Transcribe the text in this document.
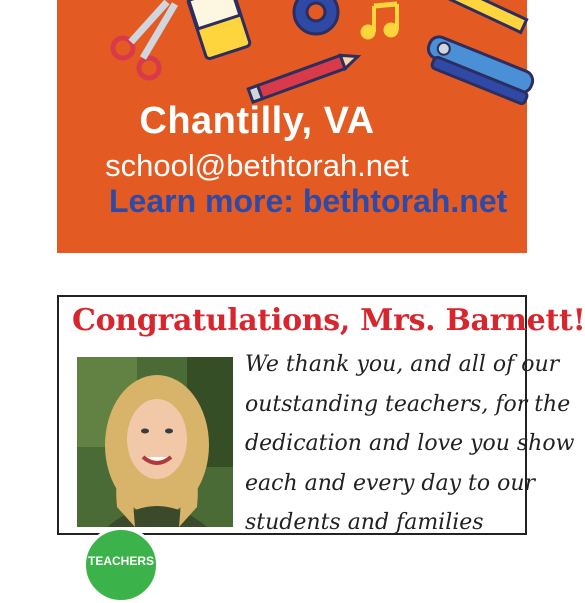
Chantilly, VA
school@bethtorah.net
Learn more: bethtorah.net
Congratulations, Mrs. Barnett!
TEACHERS
We thank you, and all of our
outstanding teachers, for the
dedication and love you show
each and every day to our
students and families
